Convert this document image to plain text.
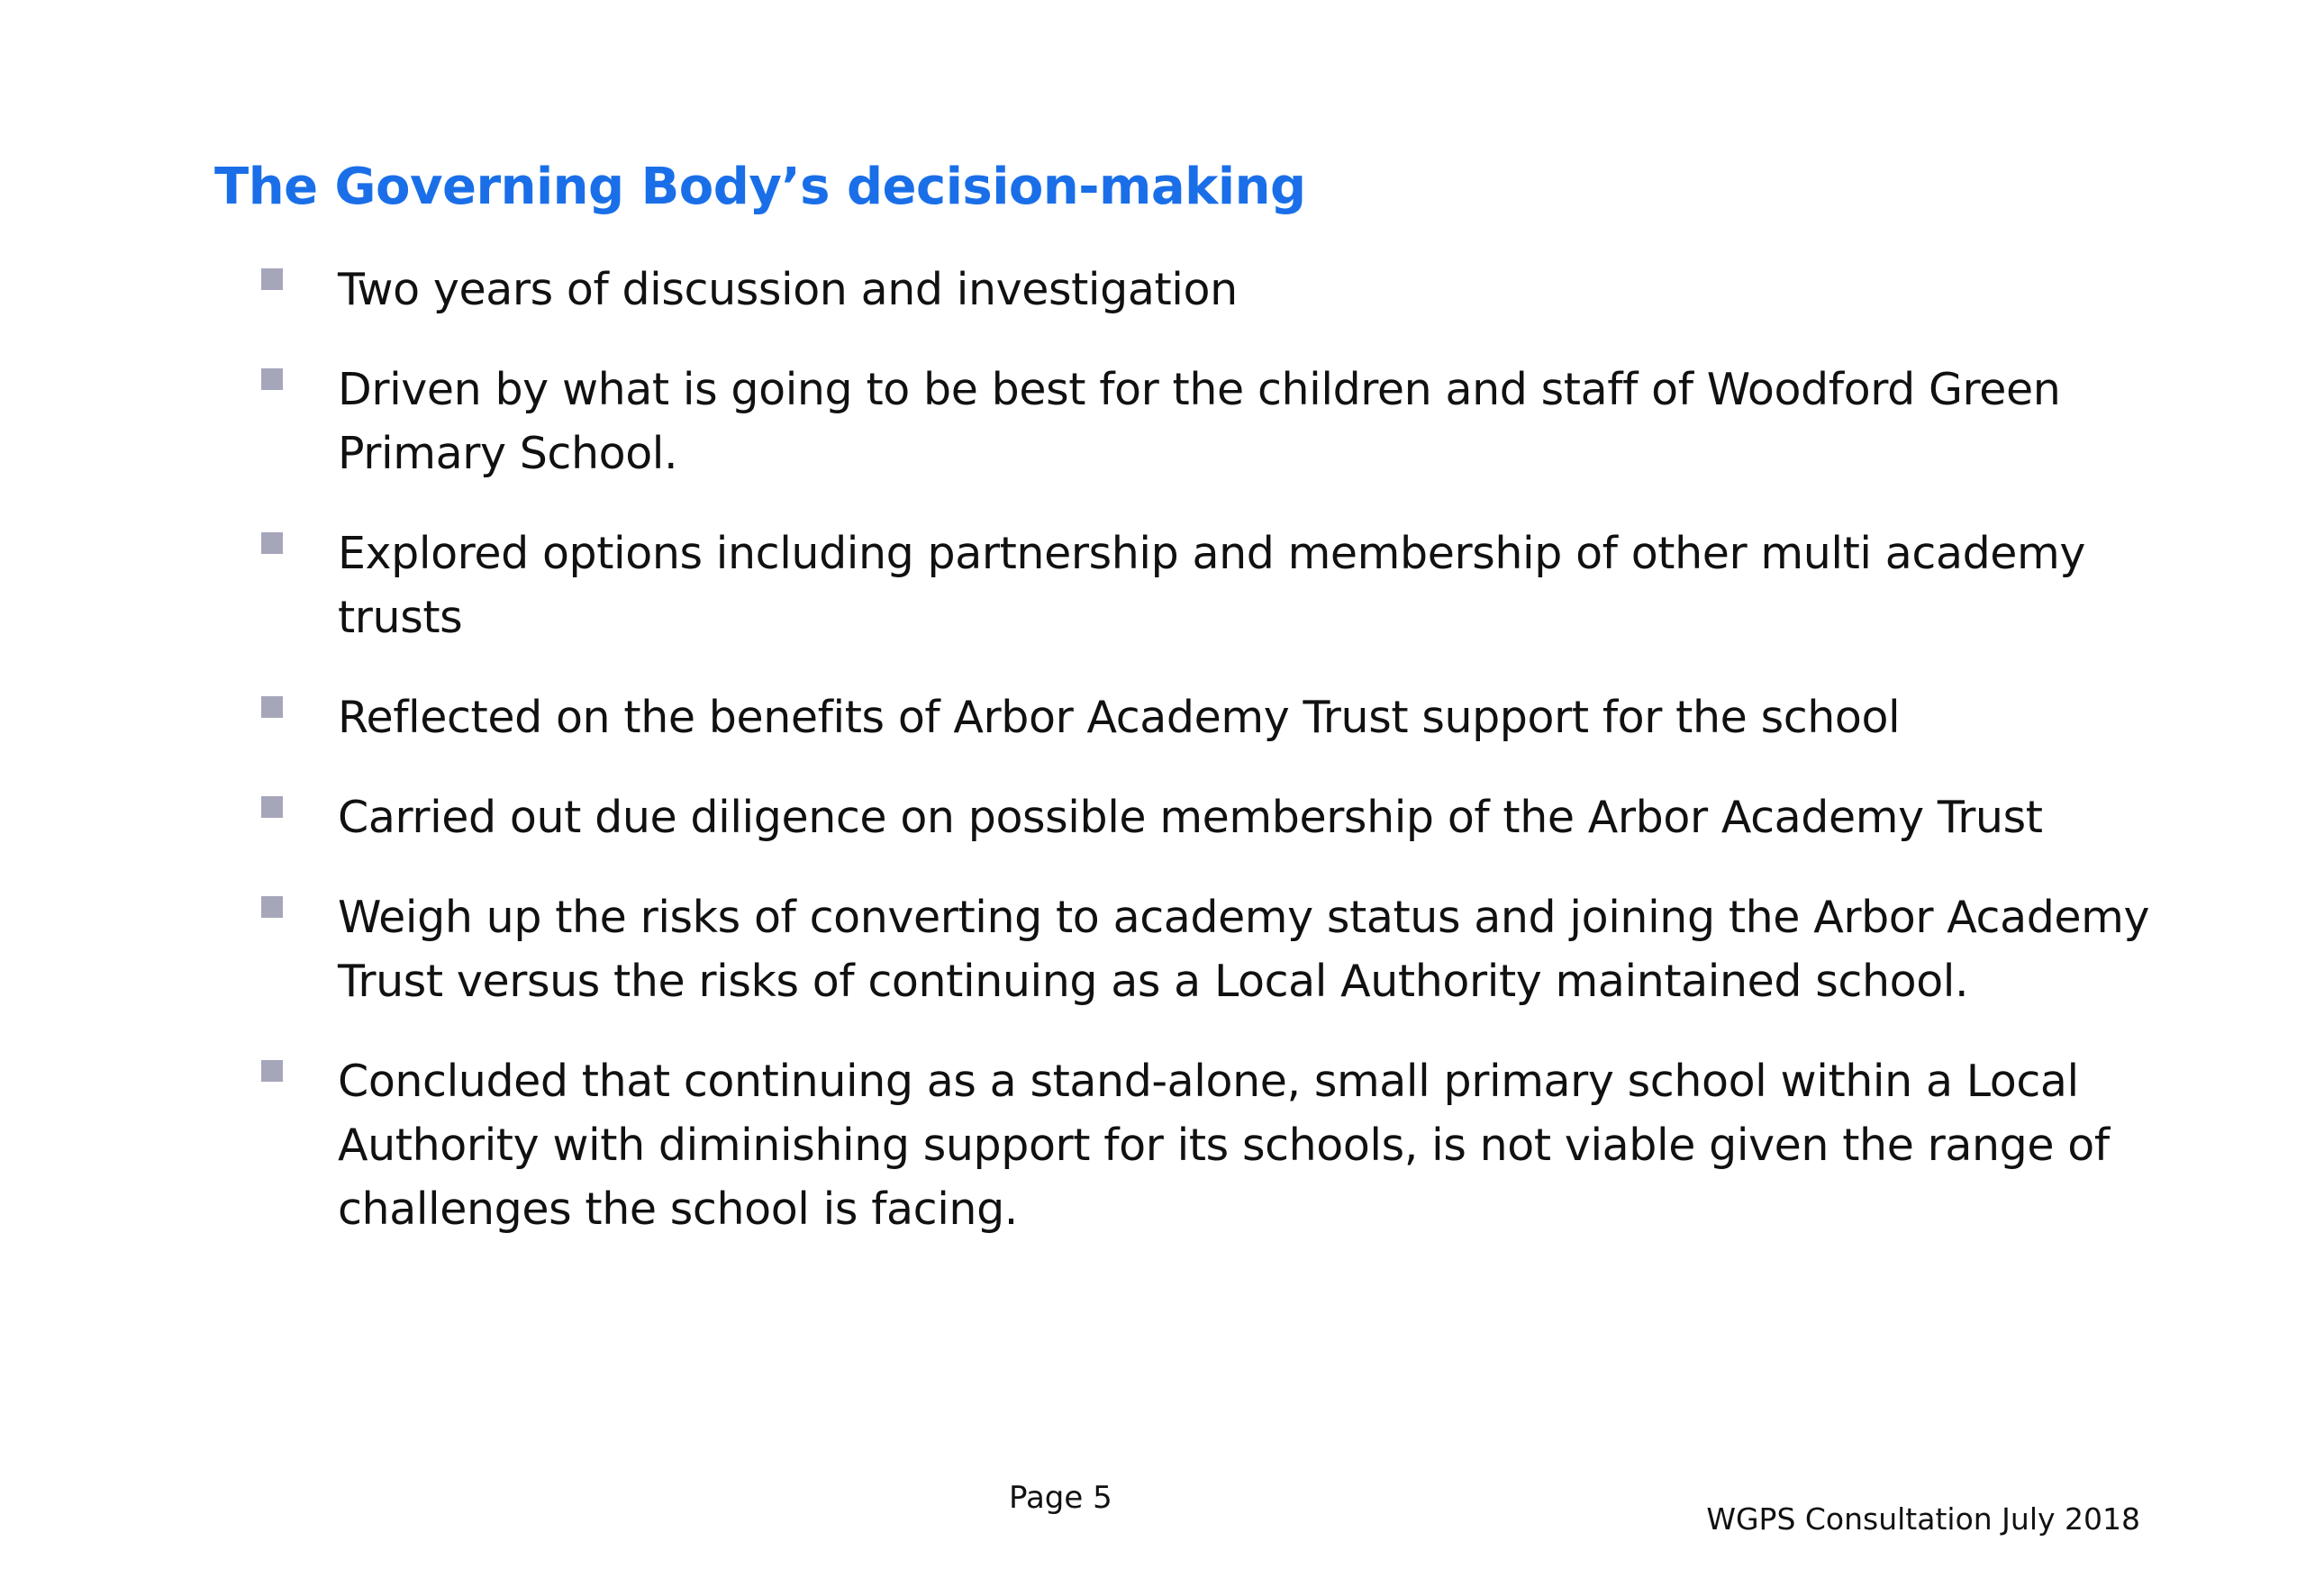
The Governing Body’s decision-making
Two years of discussion and investigation
Driven by what is going to be best for the children and staff of Woodford Green Primary School.
Explored options including partnership and membership of other multi academy trusts
Reflected on the benefits of Arbor Academy Trust support for the school
Carried out due diligence on possible membership of the Arbor Academy Trust
Weigh up the risks of converting to academy status and joining the Arbor Academy Trust versus the risks of continuing as a Local Authority maintained school.
Concluded that continuing as a stand-alone, small primary school within a Local Authority with diminishing support for its schools, is not viable given the range of challenges the school is facing.
Page 5
WGPS Consultation July 2018
